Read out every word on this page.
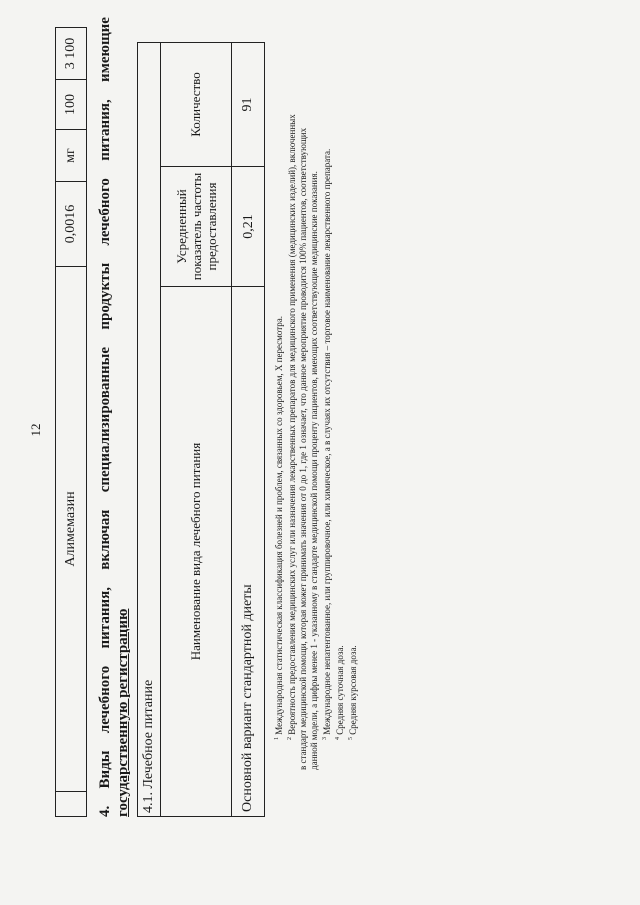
12
Алимемазин
0,0016
мг
100
3 100
4.
Виды
лечебного
питания,
включая
специализированные
продукты
лечебного
питания,
имеющие
государственную регистрацию 4.1. Лечебное питание
Наименование вида лечебного питания
Усредненный показатель частоты предоставления
Количество
Основной вариант стандартной диеты
0,21
91

$^1$ Международная статистическая классификация болезней и проблем, связанных со здоровьем, X пересмотра.

$^2$ Вероятность предоставления медицинских услуг или назначения лекарственных препаратов для медицинского применения (медицинских изделий), включенных в стандарт медицинской помощи, которая может принимать значения от 0 до 1, где 1 означает, что данное мероприятие проводится 100% пациентов, соответствующих данной модели, а цифры менее 1 - указанному в стандарте медицинской помощи проценту пациентов, имеющих соответствующие медицинские показания. $^3$ Международное непатентованное, или группировочное, или химическое, а в случаях их отсутствия – торговое наименование лекарственного препарата.

$^4$ Средняя суточная доза.

$^5$ Средняя курсовая доза.
